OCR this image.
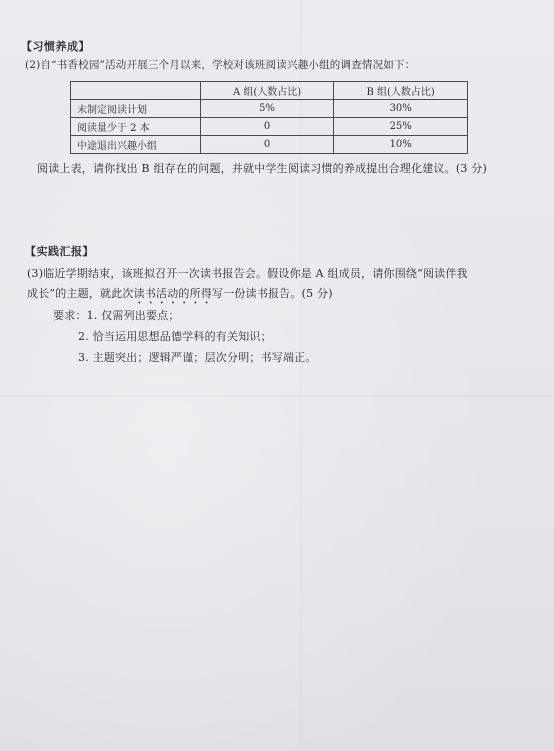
【习惯养成】
(2)自“书香校园”活动开展三个月以来，学校对该班阅读兴趣小组的调查情况如下：
	A 组(人数占比)	B 组(人数占比)
未制定阅读计划	5%	30%
阅读量少于 2 本	0	25%
中途退出兴趣小组	0	10%
阅读上表，请你找出 B 组存在的问题，并就中学生阅读习惯的养成提出合理化建议。(3 分)
【实践汇报】
(3)临近学期结束，该班拟召开一次读书报告会。假设你是 A 组成员，请你围绕“阅读伴我
成长”的主题，就此次读书活动的所得写一份读书报告。(5 分)
要求：1. 仅需列出要点；
2. 恰当运用思想品德学科的有关知识；
3. 主题突出；逻辑严谨；层次分明；书写端正。
